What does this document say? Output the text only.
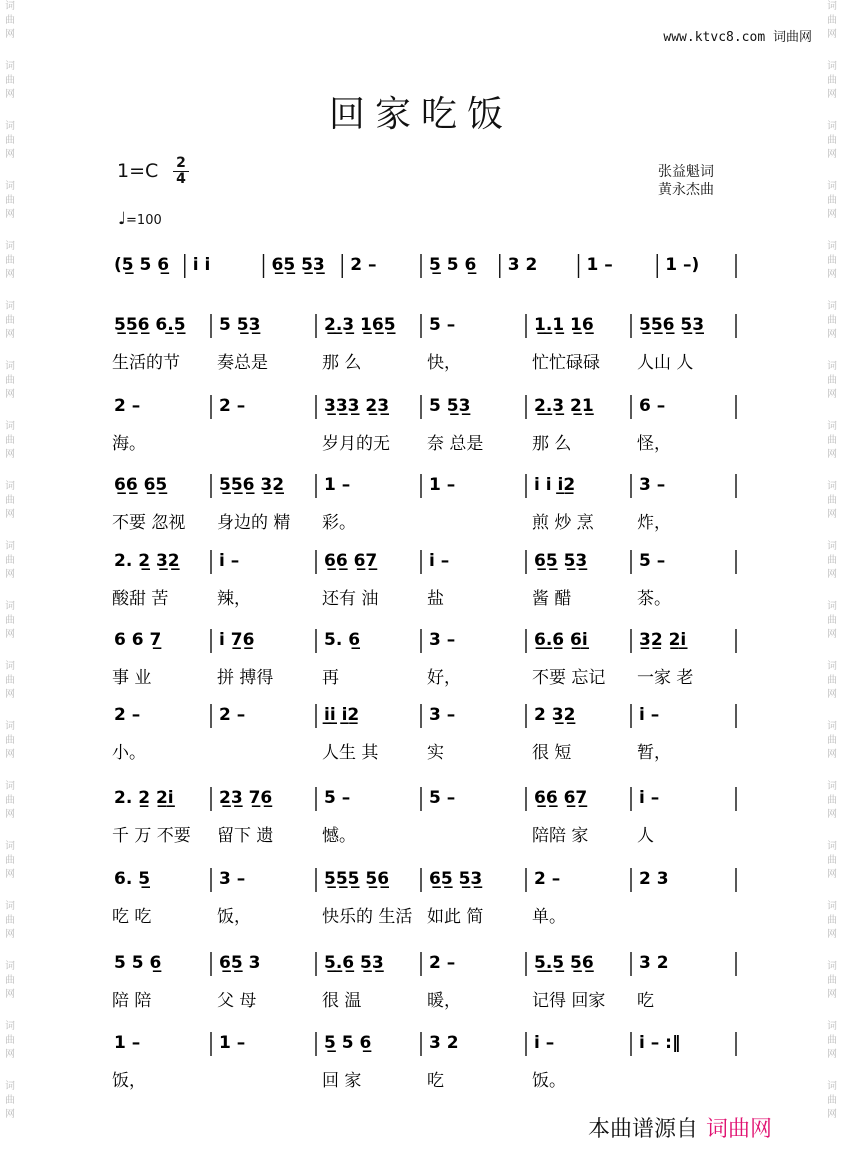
词曲网
词曲网
词曲网
词曲网
词曲网
词曲网
词曲网
词曲网
词曲网
词曲网
词曲网
词曲网
词曲网
词曲网
词曲网
词曲网
词曲网
词曲网
词曲网
词曲网
词曲网
词曲网
词曲网
词曲网
词曲网
词曲网
词曲网
词曲网
词曲网
词曲网
词曲网
词曲网
词曲网
词曲网
词曲网
词曲网
词曲网
词曲网
www.ktvc8.com 词曲网
回家吃饭
1=C 2
4
♩=100
张益魁词
黄永杰曲
(5̲ 5 6̲ i i	6̲5̲ 5̲3̲ 2 –	5̲ 5 6̲ 3 2	1 –	1 –)
5̲5̲6̲ 6.̲5̲ 5 5̲3̲	2̲.̲3̲ 1̲6̲5̲ 5 –	1̲.̲1̲ 1̲6̲	5̲5̲6̲ 5̲3̲
生活的节 奏总是	那 么	快，	忙忙碌碌 人山 人
2 –	2 –	3̲3̲3̲ 2̲3̲ 5 5̲3̲	2̲.̲3̲ 2̲1̲	6 –
海。	岁月的无 奈 总是	那 么	怪，
6̲6̲ 6̲5̲	5̲5̲6̲ 3̲2̲ 1 –	1 –	i i i̲2̲	3 –
不要 忽视 身边的 精 彩。	煎 炒 烹	炸，
2. 2̲ 3̲2̲ i –	6̲6̲ 6̲7̲	i –	6̲5̲ 5̲3̲	5 –
酸甜 苦	辣，	还有 油	盐	酱 醋	茶。
6 6 7̲	i 7̲6̲	5. 6̲	3 –	6̲.̲6̲ 6̲i̲	3̲2̲ 2̲i̲
事 业	拼 搏得	再	好，	不要 忘记 一家 老
2 –	2 –	i̲i̲ i̲2̲	3 –	2 3̲2̲	i –
小。	人生 其	实	很 短	暂，
2. 2̲ 2̲i̲	2̲3̲ 7̲6̲	5 –	5 –	6̲6̲ 6̲7̲	i –
千 万 不要 留下 遗	憾。	陪陪 家	人
6. 5̲	3 –	5̲5̲5̲ 5̲6̲ 6̲5̲ 5̲3̲	2 –	2 3
吃 吃	饭，	快乐的 生活 如此 简	单。
5 5 6̲	6̲5̲ 3	5̲.̲6̲ 5̲3̲	2 –	5̲.̲5̲ 5̲6̲	3 2
陪 陪	父 母	很 温	暖，	记得 回家 吃
1 –	1 –	5̲ 5 6̲	3 2	i –	i – :‖
饭，	回 家	吃	饭。
本曲谱源自 词曲网
